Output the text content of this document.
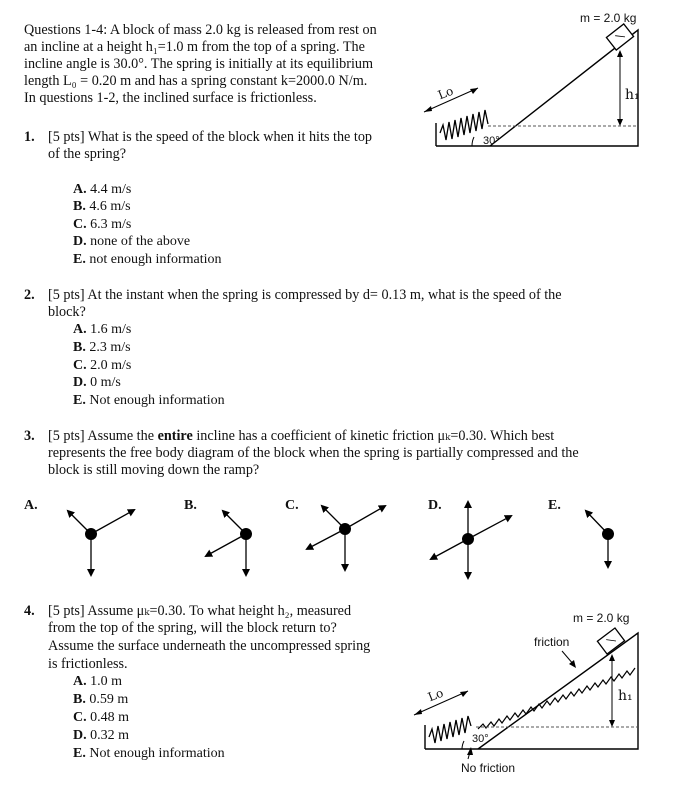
Questions 1-4: A block of mass 2.0 kg is released from rest on
an incline at a height h₁=1.0 m from the top of a spring. The
incline angle is 30.0°. The spring is initially at its equilibrium
length L₀ = 0.20 m and has a spring constant k=2000.0 N/m.
In questions 1-2, the inclined surface is frictionless.
m = 2.0 kg
Lo	h₁
30°
1. [5 pts] What is the speed of the block when it hits the top
of the spring?
A. 4.4 m/s
B. 4.6 m/s
C. 6.3 m/s
D. none of the above
E. not enough information
2. [5 pts] At the instant when the spring is compressed by d= 0.13 m, what is the speed of the
block?
A. 1.6 m/s
B. 2.3 m/s
C. 2.0 m/s
D. 0 m/s
E. Not enough information
3. [5 pts] Assume the entire incline has a coefficient of kinetic friction μₖ=0.30. Which best
represents the free body diagram of the block when the spring is partially compressed and the
block is still moving down the ramp?
A.	B.	C.	D.	E.
4. [5 pts] Assume μₖ=0.30. To what height h₂, measured
from the top of the spring, will the block return to?
Assume the surface underneath the uncompressed spring
is frictionless.
A. 1.0 m
B. 0.59 m
C. 0.48 m
D. 0.32 m
E. Not enough information
m = 2.0 kg
friction
Lo	h₁
30°
No friction
